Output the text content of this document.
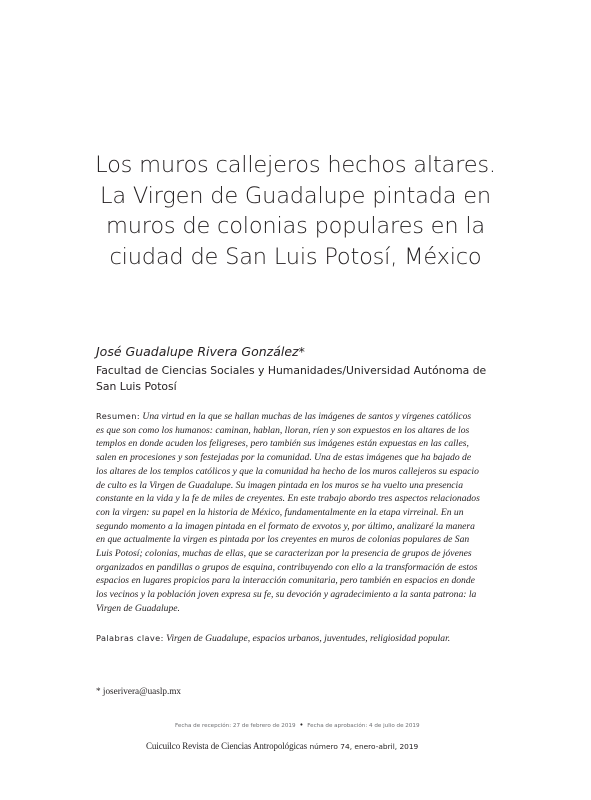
Los muros callejeros hechos altares.
La Virgen de Guadalupe pintada en
muros de colonias populares en la
ciudad de San Luis Potosí, México
José Guadalupe Rivera González*
Facultad de Ciencias Sociales y Humanidades/Universidad Autónoma de
San Luis Potosí
Resumen: Una virtud en la que se hallan muchas de las imágenes de santos y vírgenes católicos
es que son como los humanos: caminan, hablan, lloran, ríen y son expuestos en los altares de los
templos en donde acuden los feligreses, pero también sus imágenes están expuestas en las calles,
salen en procesiones y son festejadas por la comunidad. Una de estas imágenes que ha bajado de
los altares de los templos católicos y que la comunidad ha hecho de los muros callejeros su espacio
de culto es la Virgen de Guadalupe. Su imagen pintada en los muros se ha vuelto una presencia
constante en la vida y la fe de miles de creyentes. En este trabajo abordo tres aspectos relacionados
con la virgen: su papel en la historia de México, fundamentalmente en la etapa virreinal. En un
segundo momento a la imagen pintada en el formato de exvotos y, por último, analizaré la manera
en que actualmente la virgen es pintada por los creyentes en muros de colonias populares de San
Luis Potosí; colonias, muchas de ellas, que se caracterizan por la presencia de grupos de jóvenes
organizados en pandillas o grupos de esquina, contribuyendo con ello a la transformación de estos
espacios en lugares propicios para la interacción comunitaria, pero también en espacios en donde
los vecinos y la población joven expresa su fe, su devoción y agradecimiento a la santa patrona: la
Virgen de Guadalupe.
Palabras clave: Virgen de Guadalupe, espacios urbanos, juventudes, religiosidad popular.
* joserivera@uaslp.mx
Fecha de recepción: 27 de febrero de 2019 • Fecha de aprobación: 4 de julio de 2019
Cuicuilco Revista de Ciencias Antropológicas número 74, enero-abril, 2019
